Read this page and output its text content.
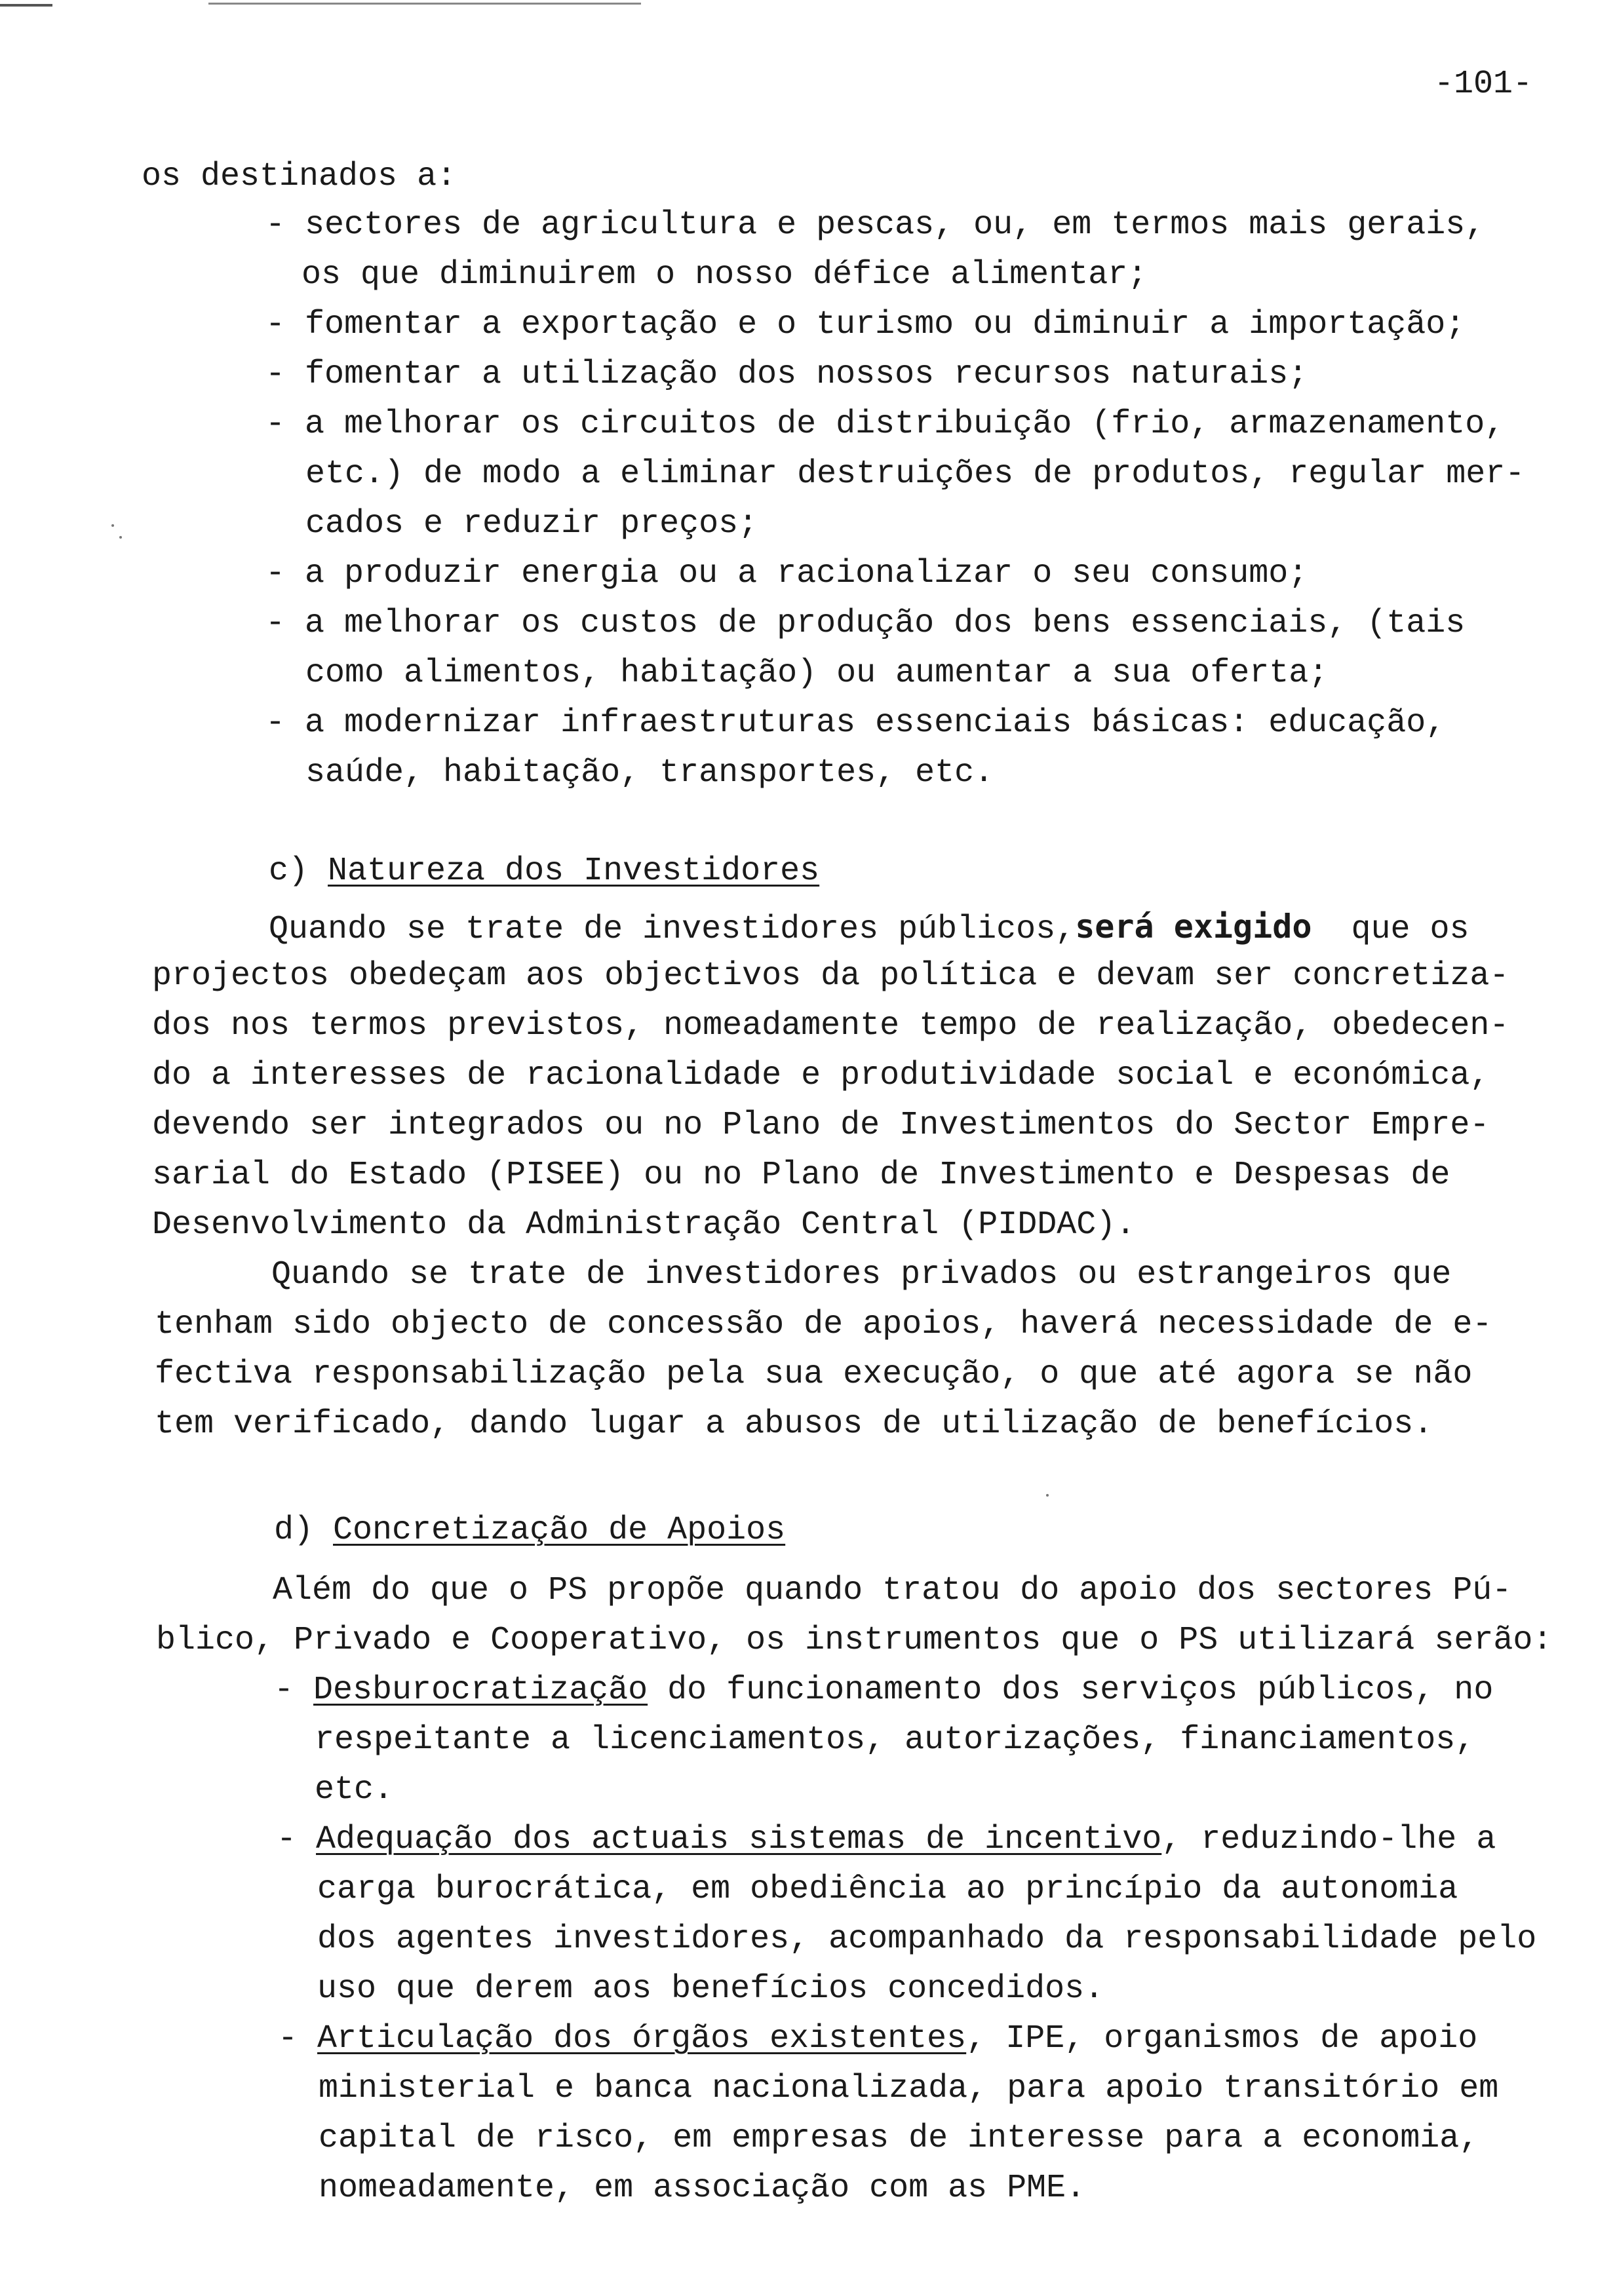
-101-
os destinados a:
- sectores de agricultura e pescas, ou, em termos mais gerais,
os que diminuirem o nosso défice alimentar;
- fomentar a exportação e o turismo ou diminuir a importação;
- fomentar a utilização dos nossos recursos naturais;
- a melhorar os circuitos de distribuição (frio, armazenamento,
etc.) de modo a eliminar destruições de produtos, regular mer-
cados e reduzir preços;
- a produzir energia ou a racionalizar o seu consumo;
- a melhorar os custos de produção dos bens essenciais, (tais
como alimentos, habitação) ou aumentar a sua oferta;
- a modernizar infraestruturas essenciais básicas: educação,
saúde, habitação, transportes, etc.
c) Natureza dos Investidores
Quando se trate de investidores públicos,será exigido  que os
projectos obedeçam aos objectivos da política e devam ser concretiza-
dos nos termos previstos, nomeadamente tempo de realização, obedecen-
do a interesses de racionalidade e produtividade social e económica,
devendo ser integrados ou no Plano de Investimentos do Sector Empre-
sarial do Estado (PISEE) ou no Plano de Investimento e Despesas de
Desenvolvimento da Administração Central (PIDDAC).
Quando se trate de investidores privados ou estrangeiros que
tenham sido objecto de concessão de apoios, haverá necessidade de e-
fectiva responsabilização pela sua execução, o que até agora se não
tem verificado, dando lugar a abusos de utilização de benefícios.
d) Concretização de Apoios
Além do que o PS propõe quando tratou do apoio dos sectores Pú-
blico, Privado e Cooperativo, os instrumentos que o PS utilizará serão:
- Desburocratização do funcionamento dos serviços públicos, no
respeitante a licenciamentos, autorizações, financiamentos,
etc.
- Adequação dos actuais sistemas de incentivo, reduzindo-lhe a
carga burocrática, em obediência ao princípio da autonomia
dos agentes investidores, acompanhado da responsabilidade pelo
uso que derem aos benefícios concedidos.
- Articulação dos órgãos existentes, IPE, organismos de apoio
ministerial e banca nacionalizada, para apoio transitório em
capital de risco, em empresas de interesse para a economia,
nomeadamente, em associação com as PME.
